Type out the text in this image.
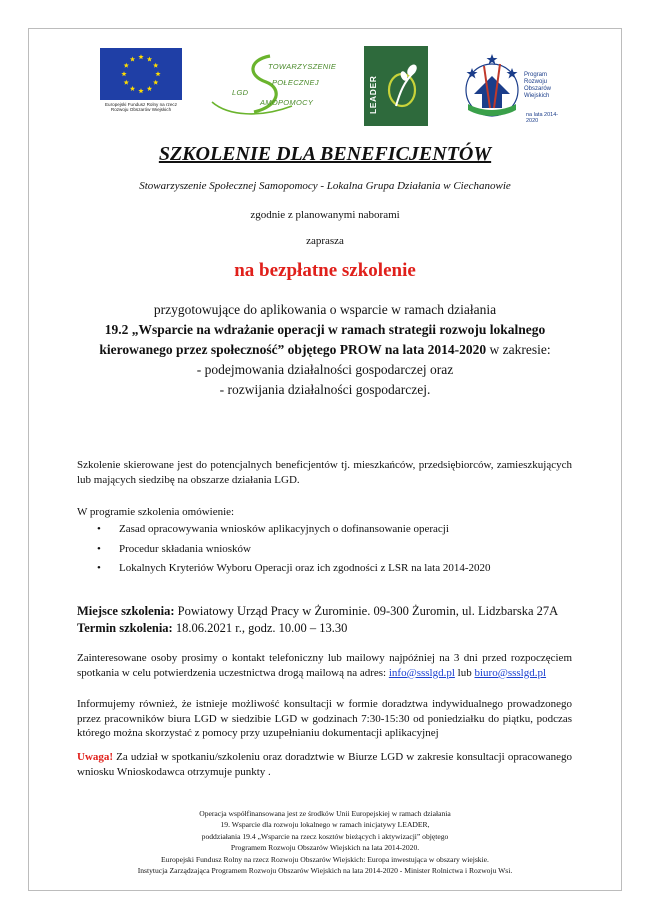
Europejski Fundusz Rolny na rzecz
Rozwoju Obszarów Wiejskich
TOWARZYSZENIE
POŁECZNEJ
LGD
AMOPOMOCY	LEADER
Program
Rozwoju
Obszarów
Wiejskich
na lata 2014-2020
SZKOLENIE DLA BENEFICJENTÓW
Stowarzyszenie Społecznej Samopomocy - Lokalna Grupa Działania w Ciechanowie
zgodnie z planowanymi naborami
zaprasza
na bezpłatne szkolenie
przygotowujące do aplikowania o wsparcie w ramach działania
19.2 „Wsparcie na wdrażanie operacji w ramach strategii rozwoju lokalnego kierowanego przez społeczność” objętego PROW na lata 2014-2020 w zakresie:
- podejmowania działalności gospodarczej oraz
- rozwijania działalności gospodarczej.
Szkolenie skierowane jest do potencjalnych beneficjentów tj. mieszkańców, przedsiębiorców, zamieszkujących lub mających siedzibę na obszarze działania LGD.
W programie szkolenia omówienie:
• Zasad opracowywania wniosków aplikacyjnych o dofinansowanie operacji
• Procedur składania wniosków
• Lokalnych Kryteriów Wyboru Operacji oraz ich zgodności z LSR na lata 2014-2020
Miejsce szkolenia: Powiatowy Urząd Pracy w Żurominie. 09-300 Żuromin, ul. Lidzbarska 27A
Termin szkolenia: 18.06.2021 r., godz. 10.00 – 13.30
Zainteresowane osoby prosimy o kontakt telefoniczny lub mailowy najpóźniej na 3 dni przed rozpoczęciem spotkania w celu potwierdzenia uczestnictwa drogą mailową na adres: info@ssslgd.pl lub biuro@ssslgd.pl
Informujemy również, że istnieje możliwość konsultacji w formie doradztwa indywidualnego prowadzonego przez pracowników biura LGD w siedzibie LGD w godzinach 7:30-15:30 od poniedziałku do piątku, podczas którego można skorzystać z pomocy przy uzupełnianiu dokumentacji aplikacyjnej
Uwaga! Za udział w spotkaniu/szkoleniu oraz doradztwie w Biurze LGD w zakresie konsultacji opracowanego wniosku Wnioskodawca otrzymuje punkty .
Operacja współfinansowana jest ze środków Unii Europejskiej w ramach działania
19. Wsparcie dla rozwoju lokalnego w ramach inicjatywy LEADER,
poddziałania 19.4 „Wsparcie na rzecz kosztów bieżących i aktywizacji” objętego
Programem Rozwoju Obszarów Wiejskich na lata 2014-2020.
Europejski Fundusz Rolny na rzecz Rozwoju Obszarów Wiejskich: Europa inwestująca w obszary wiejskie.
Instytucja Zarządzająca Programem Rozwoju Obszarów Wiejskich na lata 2014-2020 - Minister Rolnictwa i Rozwoju Wsi.
